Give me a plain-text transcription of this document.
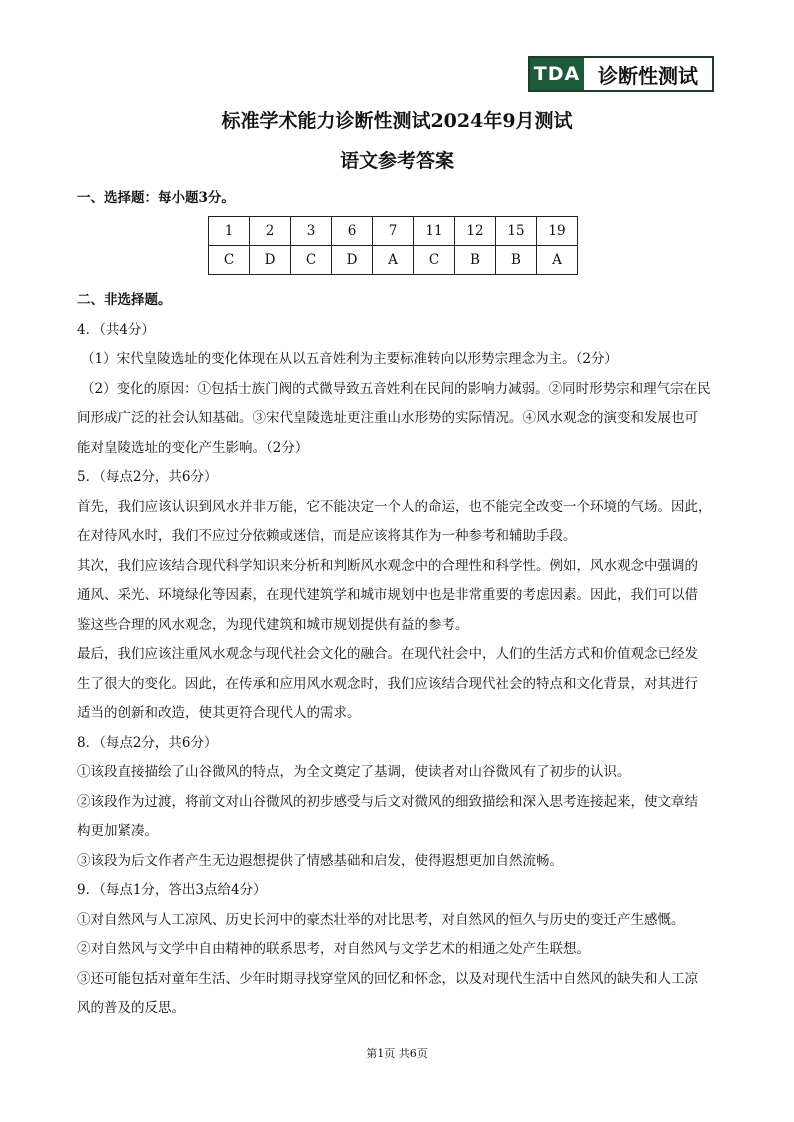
TDA 诊断性测试
标准学术能力诊断性测试2024年9月测试
语文参考答案
一、选择题：每小题3分。
1	2	3	6	7	11	12	15	19
C	D	C	D	A	C	B	B	A

二、非选择题。

4．（共4分）

（1）宋代皇陵选址的变化体现在从以五音姓利为主要标准转向以形势宗理念为主。（2分）

（2）变化的原因：①包括士族门阀的式微导致五音姓利在民间的影响力减弱。②同时形势宗和理气宗在民

间形成广泛的社会认知基础。③宋代皇陵选址更注重山水形势的实际情况。④风水观念的演变和发展也可

能对皇陵选址的变化产生影响。（2分）

5．（每点2分，共6分）

首先，我们应该认识到风水并非万能，它不能决定一个人的命运，也不能完全改变一个环境的气场。因此，

在对待风水时，我们不应过分依赖或迷信，而是应该将其作为一种参考和辅助手段。

其次，我们应该结合现代科学知识来分析和判断风水观念中的合理性和科学性。例如，风水观念中强调的

通风、采光、环境绿化等因素，在现代建筑学和城市规划中也是非常重要的考虑因素。因此，我们可以借

鉴这些合理的风水观念，为现代建筑和城市规划提供有益的参考。

最后，我们应该注重风水观念与现代社会文化的融合。在现代社会中，人们的生活方式和价值观念已经发

生了很大的变化。因此，在传承和应用风水观念时，我们应该结合现代社会的特点和文化背景，对其进行

适当的创新和改造，使其更符合现代人的需求。

8．（每点2分，共6分）

①该段直接描绘了山谷微风的特点，为全文奠定了基调，使读者对山谷微风有了初步的认识。

②该段作为过渡，将前文对山谷微风的初步感受与后文对微风的细致描绘和深入思考连接起来，使文章结

构更加紧凑。

③该段为后文作者产生无边遐想提供了情感基础和启发，使得遐想更加自然流畅。

9．（每点1分，答出3点给4分）

①对自然风与人工凉风、历史长河中的豪杰壮举的对比思考，对自然风的恒久与历史的变迁产生感慨。

②对自然风与文学中自由精神的联系思考，对自然风与文学艺术的相通之处产生联想。

③还可能包括对童年生活、少年时期寻找穿堂风的回忆和怀念，以及对现代生活中自然风的缺失和人工凉

风的普及的反思。

第1页 共6页
